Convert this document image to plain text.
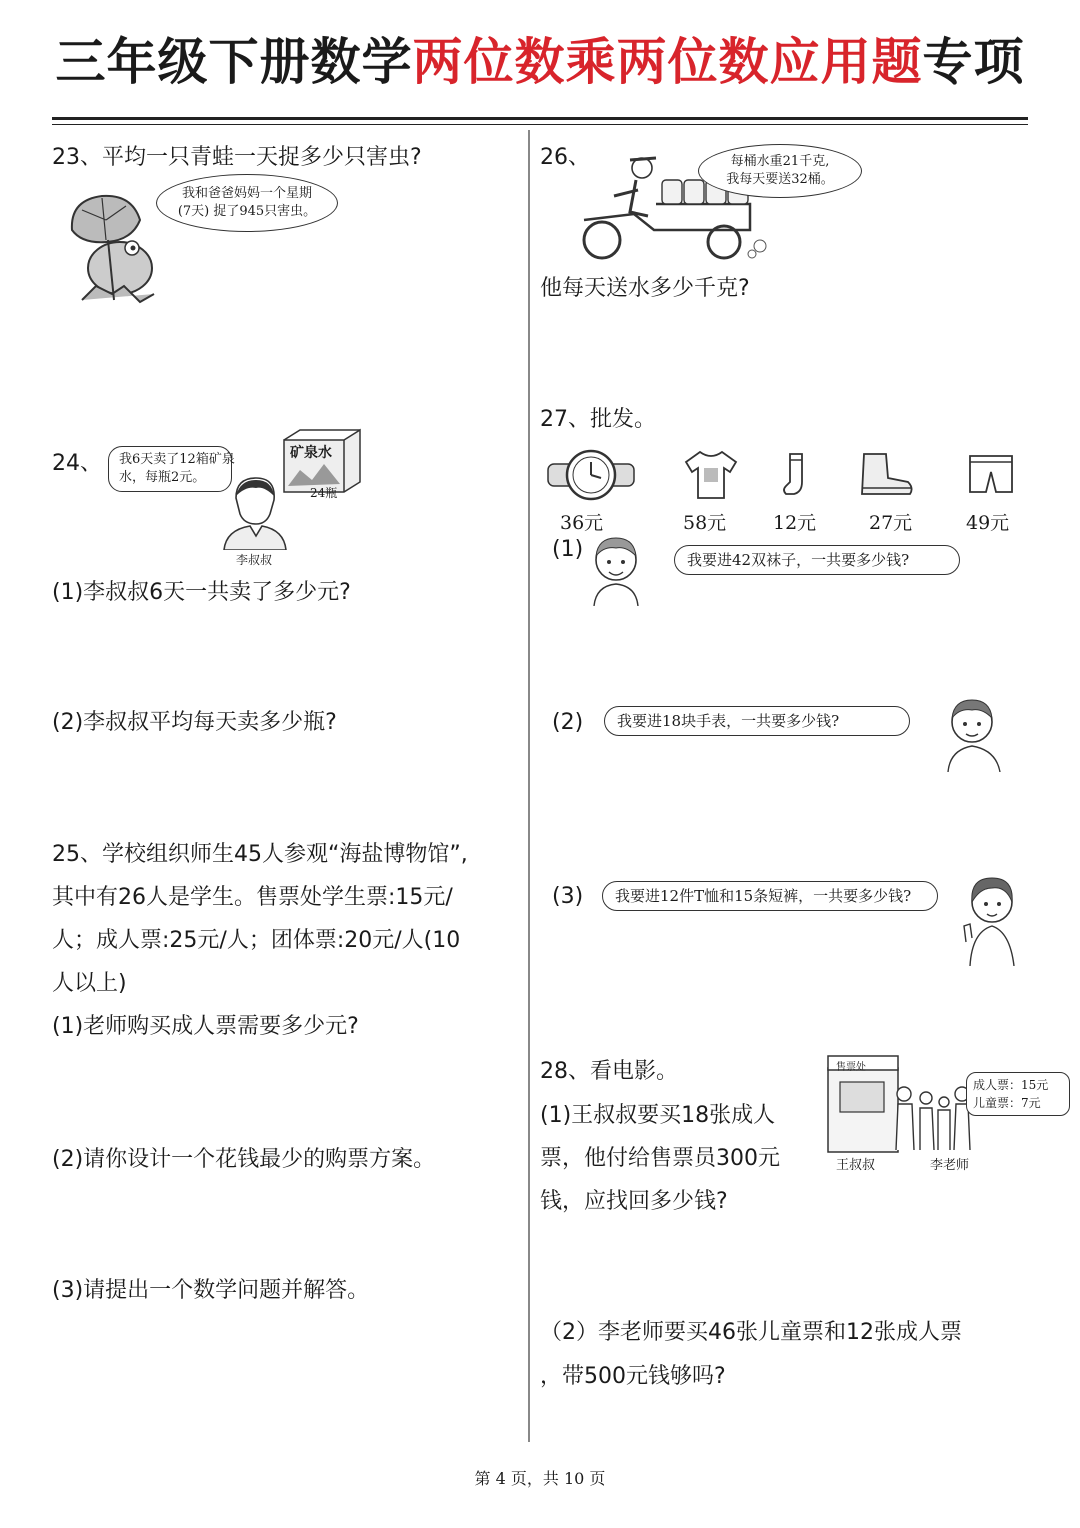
三年级下册数学两位数乘两位数应用题专项
23、平均一只青蛙一天捉多少只害虫?
我和爸爸妈妈一个星期
(7天) 捉了945只害虫。
24、 我6天卖了12箱矿泉
水，每瓶2元。
矿泉水
24瓶
李叔叔
(1)李叔叔6天一共卖了多少元?
(2)李叔叔平均每天卖多少瓶?
25、学校组织师生45人参观“海盐博物馆”,
其中有26人是学生。售票处学生票:15元/
人；成人票:25元/人；团体票:20元/人(10
人以上)
(1)老师购买成人票需要多少元?
(2)请你设计一个花钱最少的购票方案。
(3)请提出一个数学问题并解答。
26、	每桶水重21千克,
我每天要送32桶。
他每天送水多少千克?
27、批发。
36元	58元 12元	27元	49元
(1)	我要进42双袜子，一共要多少钱?
(2)	我要进18块手表，一共要多少钱?
(3)	我要进12件T恤和15条短裤，一共要多少钱?
28、看电影。
(1)王叔叔要买18张成人
票，他付给售票员300元
钱，应找回多少钱?
售票处
成人票：15元
儿童票：7元
王叔叔	李老师
（2）李老师要买46张儿童票和12张成人票
，带500元钱够吗?
第 4 页，共 10 页
